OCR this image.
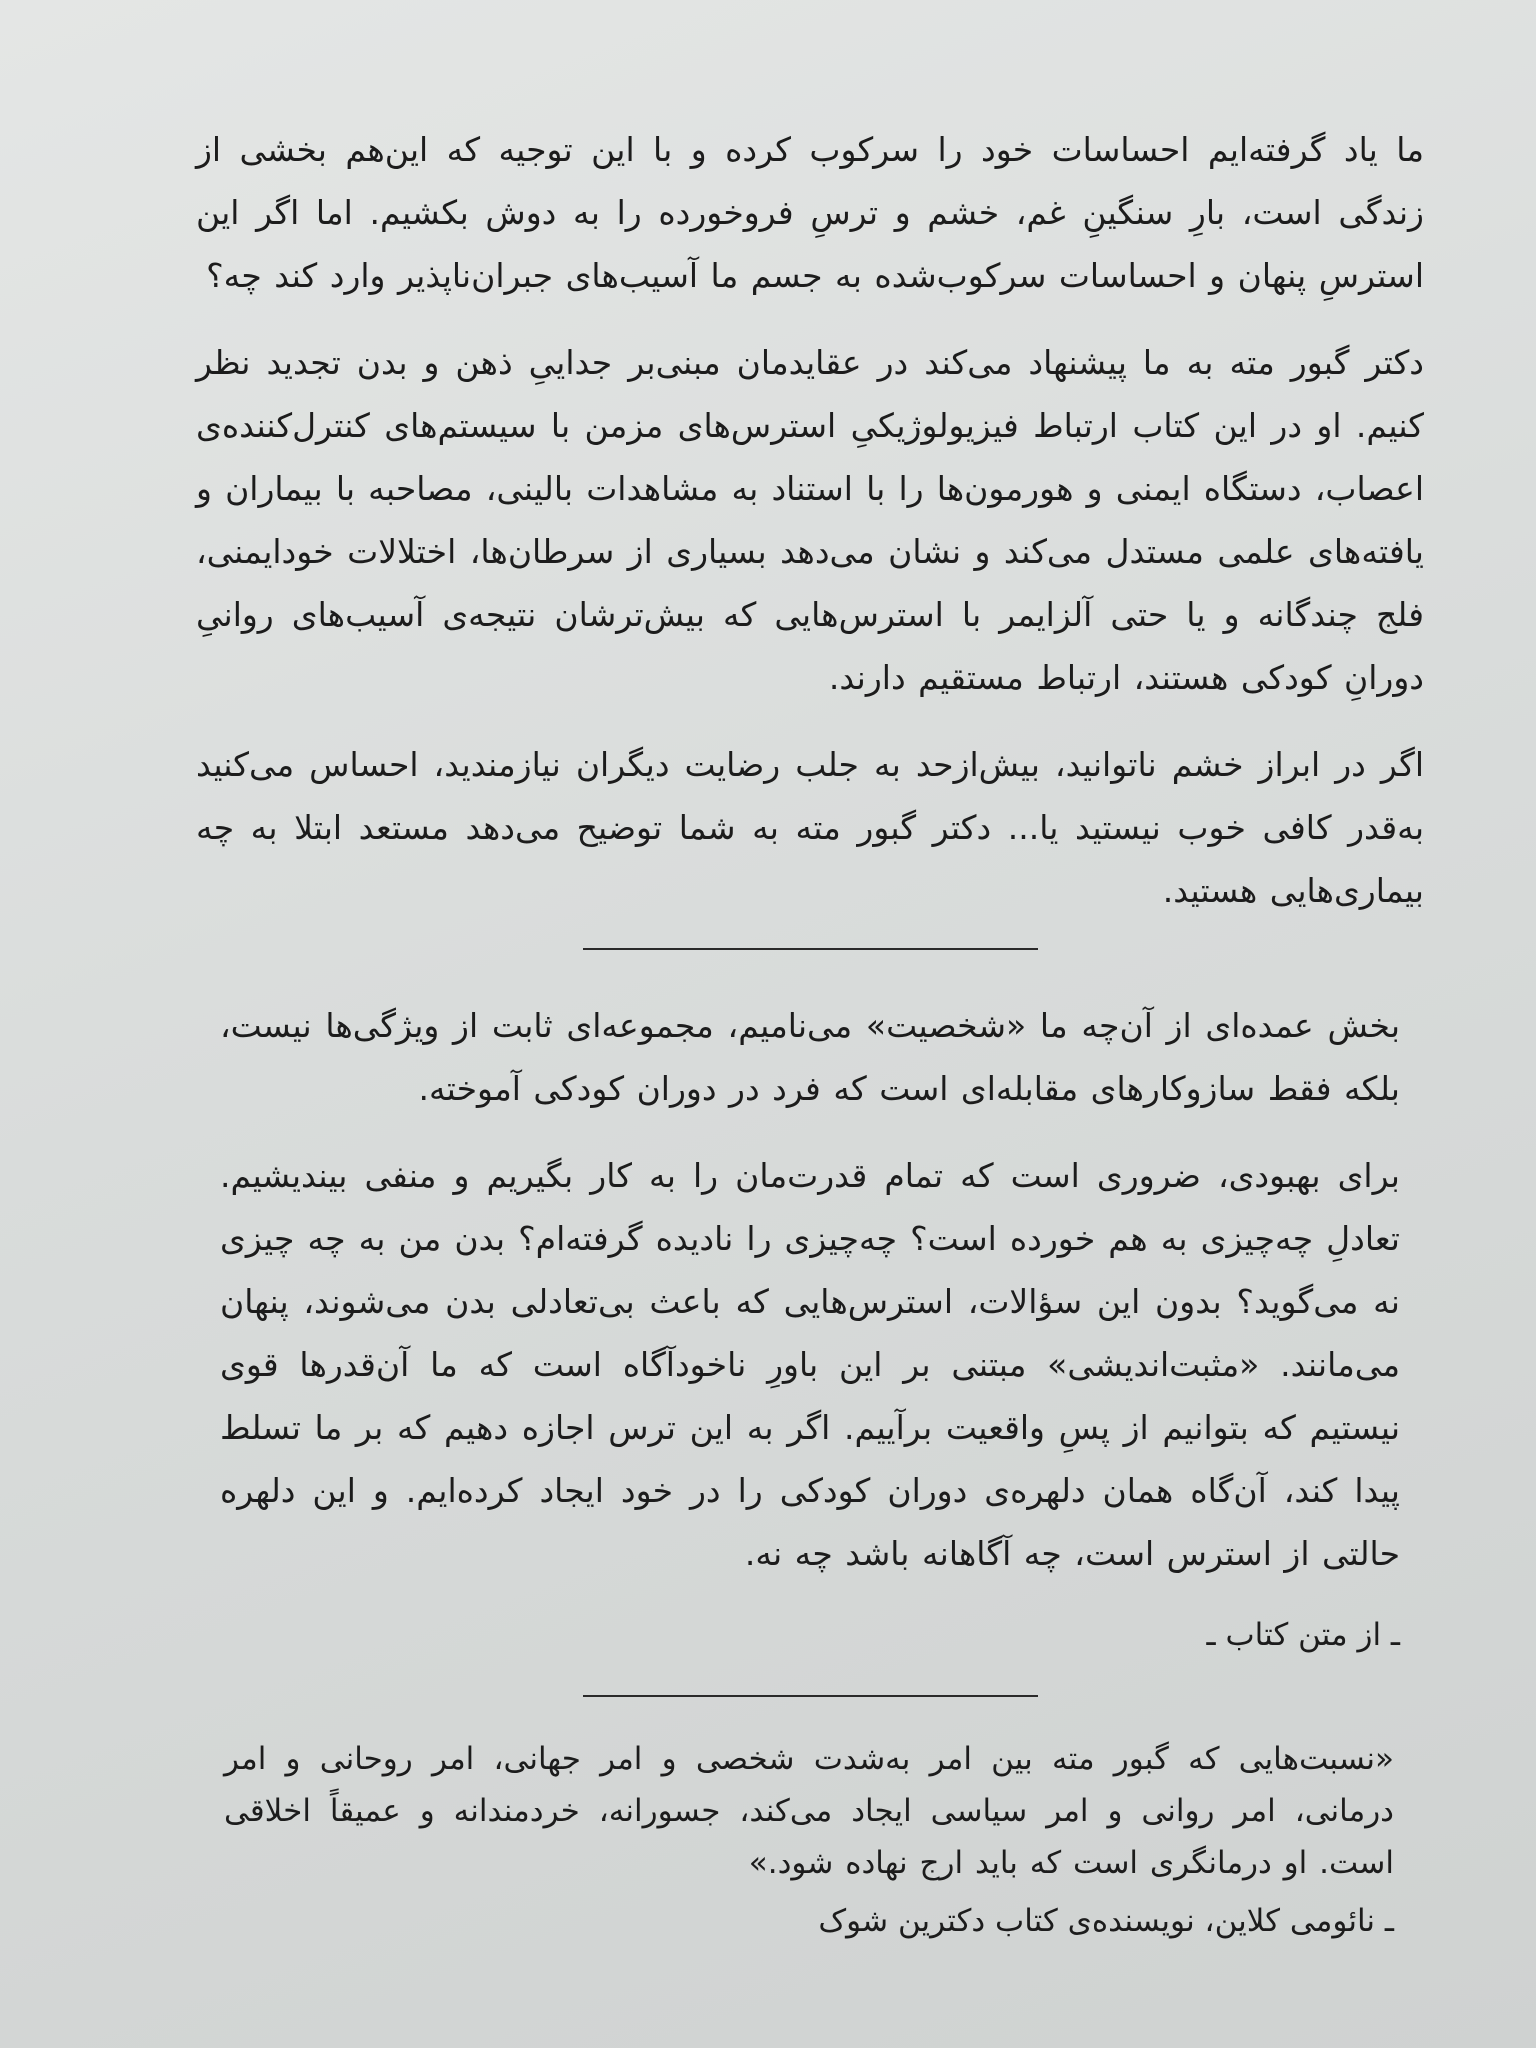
ما یاد گرفته‌ایم احساسات خود را سرکوب کرده و با این توجیه که این‌هم بخشی از زندگی است، بارِ سنگینِ غم، خشم و ترسِ فروخورده را به دوش بکشیم. اما اگر این استرسِ پنهان و احساسات سرکوب‌شده به جسم ما آسیب‌های جبران‌ناپذیر وارد کند چه؟

دکتر گبور مته به ما پیشنهاد می‌کند در عقایدمان مبنی‌بر جداییِ ذهن و بدن تجدید نظر کنیم. او در این کتاب ارتباط فیزیولوژیکیِ استرس‌های مزمن با سیستم‌های کنترل‌کننده‌ی اعصاب، دستگاه ایمنی و هورمون‌ها را با استناد به مشاهدات بالینی، مصاحبه با بیماران و یافته‌های علمی مستدل می‌کند و نشان می‌دهد بسیاری از سرطان‌ها، اختلالات خودایمنی، فلج چندگانه و یا حتی آلزایمر با استرس‌هایی که بیش‌ترشان نتیجه‌ی آسیب‌های روانیِ دورانِ کودکی هستند، ارتباط مستقیم دارند.

اگر در ابراز خشم ناتوانید، بیش‌ازحد به جلب رضایت دیگران نیازمندید، احساس می‌کنید به‌قدر کافی خوب نیستید یا... دکتر گبور مته به شما توضیح می‌دهد مستعد ابتلا به چه بیماری‌هایی هستید.

بخش عمده‌ای از آن‌چه ما «شخصیت» می‌نامیم، مجموعه‌ای ثابت از ویژگی‌ها نیست، بلکه فقط سازوکارهای مقابله‌ای است که فرد در دوران کودکی آموخته.

برای بهبودی، ضروری است که تمام قدرت‌مان را به کار بگیریم و منفی بیندیشیم. تعادلِ چه‌چیزی به هم خورده است؟ چه‌چیزی را نادیده گرفته‌ام؟ بدن من به چه چیزی نه می‌گوید؟ بدون این سؤالات، استرس‌هایی که باعث بی‌تعادلی بدن می‌شوند، پنهان می‌مانند. «مثبت‌اندیشی» مبتنی بر این باورِ ناخودآگاه است که ما آن‌قدرها قوی نیستیم که بتوانیم از پسِ واقعیت برآییم. اگر به این ترس اجازه دهیم که بر ما تسلط پیدا کند، آن‌گاه همان دلهره‌ی دوران کودکی را در خود ایجاد کرده‌ایم. و این دلهره حالتی از استرس است، چه آگاهانه باشد چه نه.

ـ از متن کتاب ـ

«نسبت‌هایی که گبور مته بین امر به‌شدت شخصی و امر جهانی، امر روحانی و امر درمانی، امر روانی و امر سیاسی ایجاد می‌کند، جسورانه، خردمندانه و عمیقاً اخلاقی است. او درمانگری است که باید ارج نهاده شود.»

ـ نائومی کلاین، نویسنده‌ی کتاب دکترین شوک
